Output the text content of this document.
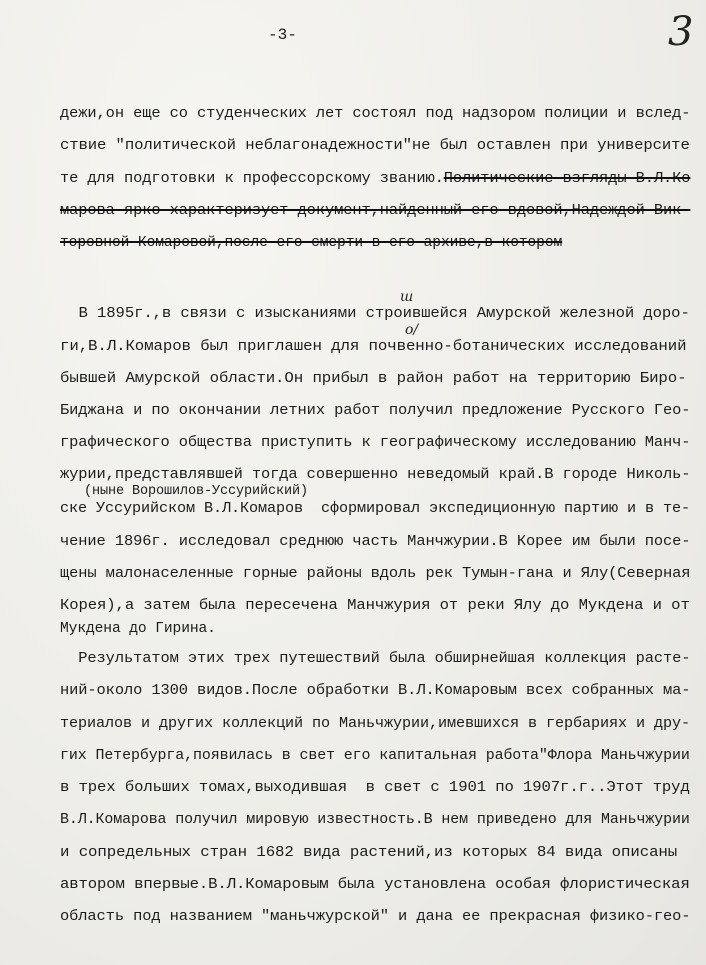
-3-	3
ш
о/
дежи,он еще со студенческих лет состоял под надзором полиции и вслед-
ствие "политической неблагонадежности"не был оставлен при университе
те для подготовки к профессорскому званию.Политические взгляды В.Л.Ко
марова ярко характеризует документ,найденный его вдовой,Надеждой Вик-
торовной Комаровой,после его смерти в его архиве,в котором
В 1895г.,в связи с изысканиями строившейся Амурской железной доро-
ги,В.Л.Комаров был приглашен для почвенно-ботанических исследований
бывшей Амурской области.Он прибыл в район работ на территорию Биро-
Биджана и по окончании летних работ получил предложение Русского Гео-
графического общества приступить к географическому исследованию Манч-
журии,представлявшей тогда совершенно неведомый край.В городе Николь-
(ныне Ворошилов-Уссурийский)
ске Уссурийском В.Л.Комаров  сформировал экспедиционную партию и в те-
чение 1896г. исследовал среднюю часть Манчжурии.В Корее им были посе-
щены малонаселенные горные районы вдоль рек Тумын-гана и Ялу(Северная
Корея),а затем была пересечена Манчжурия от реки Ялу до Мукдена и от
Мукдена до Гирина.
Результатом этих трех путешествий была обширнейшая коллекция расте-
ний-около 1300 видов.После обработки В.Л.Комаровым всех собранных ма-
териалов и других коллекций по Маньчжурии,имевшихся в гербариях и дру-
гих Петербурга,появилась в свет его капитальная работа"Флора Маньчжурии
в трех больших томах,выходившая  в свет с 1901 по 1907г.г..Этот труд
В.Л.Комарова получил мировую известность.В нем приведено для Маньчжурии
и сопредельных стран 1682 вида растений,из которых 84 вида описаны
автором впервые.В.Л.Комаровым была установлена особая флористическая
область под названием "маньчжурской" и дана ее прекрасная физико-гео-
